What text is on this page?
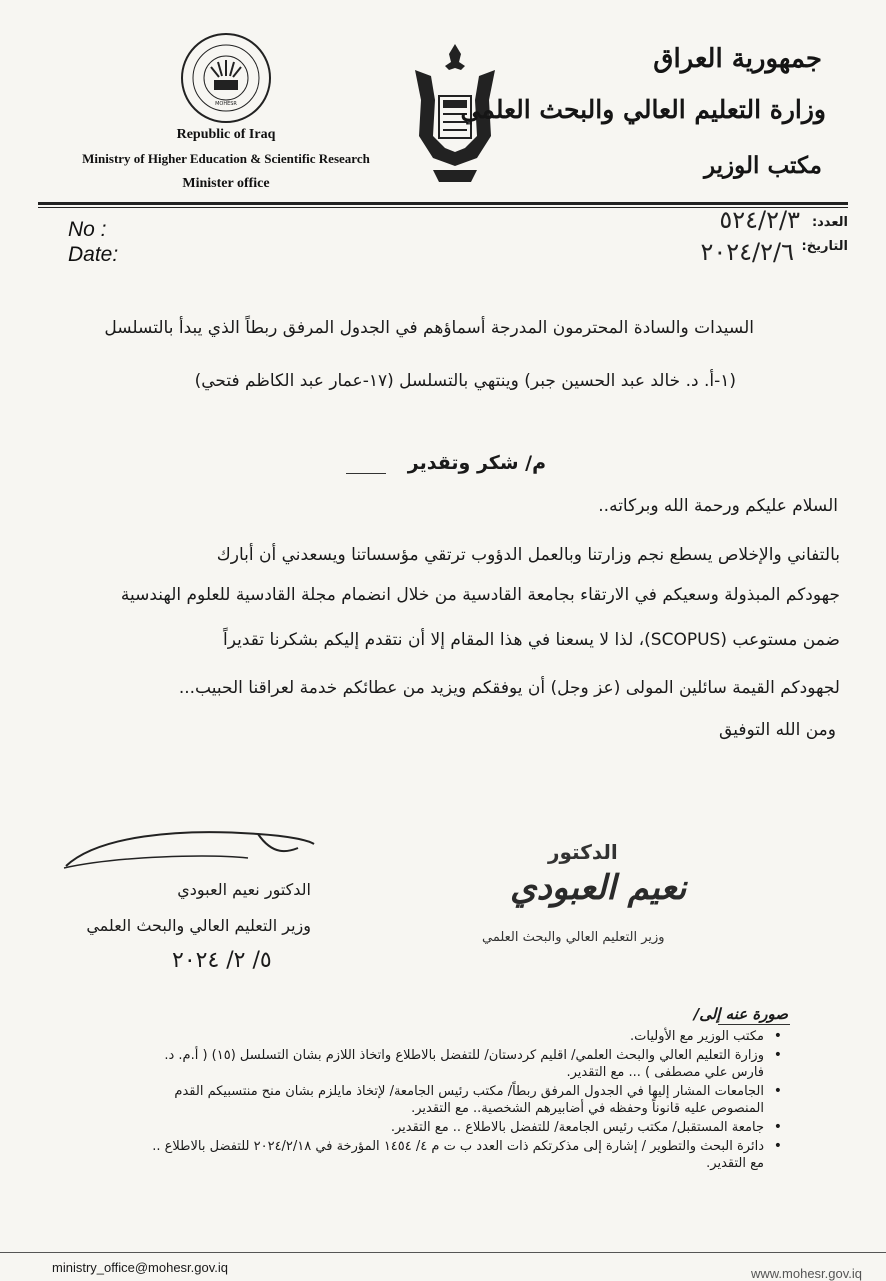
MOHESR
Republic of Iraq
Ministry of Higher Education & Scientific Research
Minister office
جمهورية العراق
وزارة التعليم العالي والبحث العلمي
مكتب الوزير
No :
Date:
العدد:
التاريخ:
٥٢٤/٢/٣
٢٠٢٤/٢/٦
السيدات والسادة المحترمون المدرجة أسماؤهم في الجدول المرفق ربطاً الذي يبدأ بالتسلسل
(١-أ. د. خالد عبد الحسين جبر) وينتهي بالتسلسل (١٧-عمار عبد الكاظم فتحي)
م/ شكر وتقدير
السلام عليكم ورحمة الله وبركاته..
بالتفاني والإخلاص يسطع نجم وزارتنا وبالعمل الدؤوب ترتقي مؤسساتنا ويسعدني أن أبارك
جهودكم المبذولة وسعيكم في الارتقاء بجامعة القادسية من خلال انضمام مجلة القادسية للعلوم الهندسية
ضمن مستوعب (SCOPUS)، لذا لا يسعنا في هذا المقام إلا أن نتقدم إليكم بشكرنا تقديراً
لجهودكم القيمة سائلين المولى (عز وجل) أن يوفقكم ويزيد من عطائكم خدمة لعراقنا الحبيب...
ومن الله التوفيق
الدكتور نعيم العبودي
وزير التعليم العالي والبحث العلمي
٥/ ٢/ ٢٠٢٤
الدكتور
نعيم العبودي
وزير التعليم العالي والبحث العلمي
صورة عنه إلى/
• مكتب الوزير مع الأوليات.
• وزارة التعليم العالي والبحث العلمي/ اقليم كردستان/ للتفضل بالاطلاع واتخاذ اللازم بشان التسلسل (١٥) ( أ.م. د. فارس علي مصطفى ) ... مع التقدير.
• الجامعات المشار إليها في الجدول المرفق ربطاً/ مكتب رئيس الجامعة/ لإتخاذ مايلزم بشان منح منتسبيكم القدم المنصوص عليه قانوناً وحفظه في أضابيرهم الشخصية.. مع التقدير.
• جامعة المستقبل/ مكتب رئيس الجامعة/ للتفضل بالاطلاع .. مع التقدير.
• دائرة البحث والتطوير / إشارة إلى مذكرتكم ذات العدد ب ت م ٤/ ١٤٥٤ المؤرخة في ٢٠٢٤/٢/١٨ للتفضل بالاطلاع .. مع التقدير.
ministry_office@mohesr.gov.iq	www.mohesr.gov.iq
